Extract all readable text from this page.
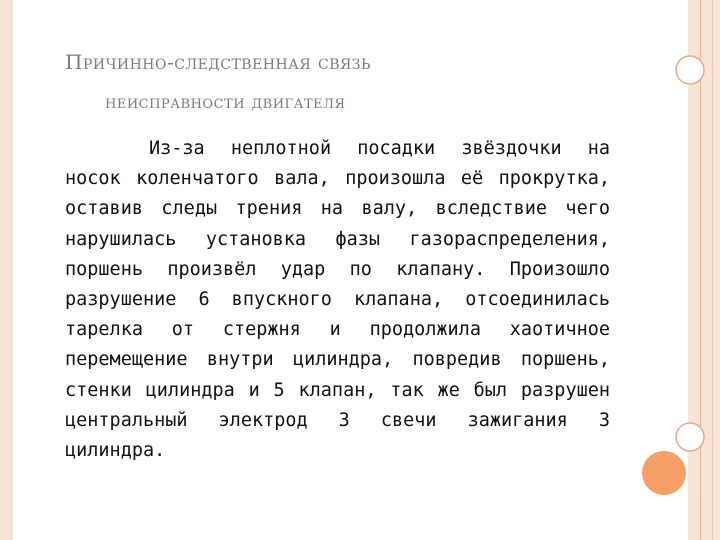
Причинно-следственная связь
неисправности двигателя

Из-за неплотной посадки звёздочки на носок коленчатого вала, произошла её прокрутка, оставив следы трения на валу, вследствие чего нарушилась установка фазы газораспределения, поршень произвёл удар по клапану. Произошло разрушение 6 впускного клапана, отсоединилась тарелка от стержня и продолжила хаотичное перемещение внутри цилиндра, повредив поршень, стенки цилиндра и 5 клапан, так же был разрушен центральный электрод 3 свечи зажигания 3 цилиндра.
